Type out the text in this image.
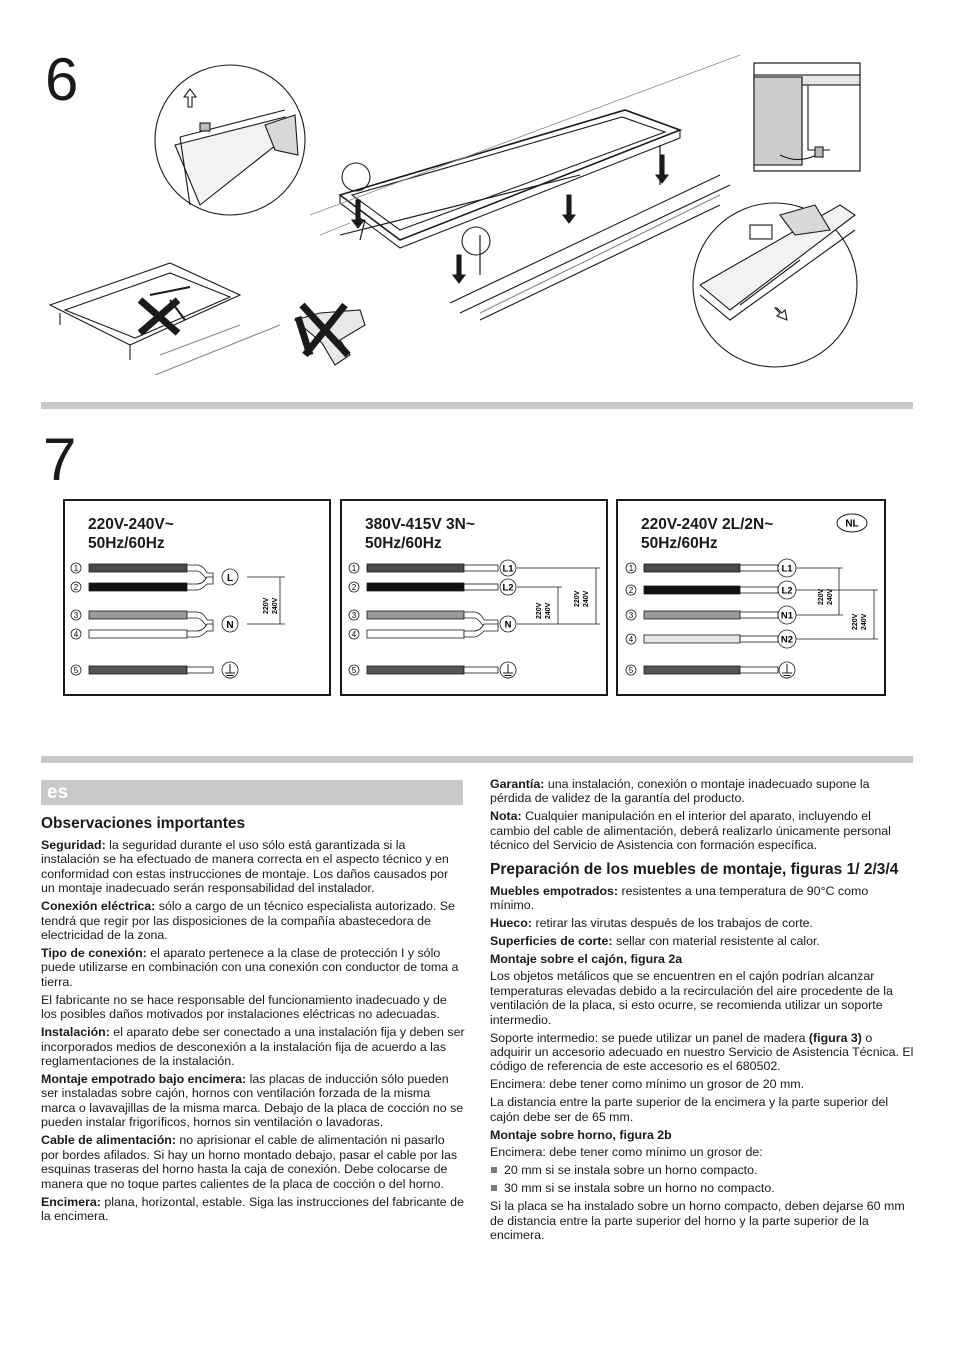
6
7
220V-240V~
50Hz/60Hz
1
2
3
4
5
L
N
220V 240V
380V-415V 3N~
50Hz/60Hz
1
2
3
4
5
L1
L2
N
220V 240V
220V 240V
220V-240V 2L/2N~
50Hz/60Hz
NL
1
2
3
4
5
L1
L2
N1
N2
220V 240V
220V 240V
es
Observaciones importantes

Seguridad: la seguridad durante el uso sólo está garantizada si la instalación se ha efectuado de manera correcta en el aspecto técnico y en conformidad con estas instrucciones de montaje. Los daños causados por un montaje inadecuado serán responsabilidad del instalador.

Conexión eléctrica: sólo a cargo de un técnico especialista autorizado. Se tendrá que regir por las disposiciones de la compañía abastecedora de electricidad de la zona.

Tipo de conexión: el aparato pertenece a la clase de protección I y sólo puede utilizarse en combinación con una conexión con conductor de toma a tierra.

El fabricante no se hace responsable del funcionamiento inadecuado y de los posibles daños motivados por instalaciones eléctricas no adecuadas.

Instalación: el aparato debe ser conectado a una instalación fija y deben ser incorporados medios de desconexión a la instalación fija de acuerdo a las reglamentaciones de la instalación.

Montaje empotrado bajo encimera: las placas de inducción sólo pueden ser instaladas sobre cajón, hornos con ventilación forzada de la misma marca o lavavajillas de la misma marca. Debajo de la placa de cocción no se pueden instalar frigoríficos, hornos sin ventilación o lavadoras.

Cable de alimentación: no aprisionar el cable de alimentación ni pasarlo por bordes afilados. Si hay un horno montado debajo, pasar el cable por las esquinas traseras del horno hasta la caja de conexión. Debe colocarse de manera que no toque partes calientes de la placa de cocción o del horno.

Encimera: plana, horizontal, estable. Siga las instrucciones del fabricante de la encimera.

Garantía: una instalación, conexión o montaje inadecuado supone la pérdida de validez de la garantía del producto.

Nota: Cualquier manipulación en el interior del aparato, incluyendo el cambio del cable de alimentación, deberá realizarlo únicamente personal técnico del Servicio de Asistencia con formación específica.

Preparación de los muebles de montaje, figuras 1/ 2/3/4

Muebles empotrados: resistentes a una temperatura de 90°C como mínimo.

Hueco: retirar las virutas después de los trabajos de corte.

Superficies de corte: sellar con material resistente al calor.

Montaje sobre el cajón, figura 2a

Los objetos metálicos que se encuentren en el cajón podrían alcanzar temperaturas elevadas debido a la recirculación del aire procedente de la ventilación de la placa, si esto ocurre, se recomienda utilizar un soporte intermedio.

Soporte intermedio: se puede utilizar un panel de madera (figura 3) o adquirir un accesorio adecuado en nuestro Servicio de Asistencia Técnica. El código de referencia de este accesorio es el 680502.

Encimera: debe tener como mínimo un grosor de 20 mm.

La distancia entre la parte superior de la encimera y la parte superior del cajón debe ser de 65 mm.

Montaje sobre horno, figura 2b

Encimera: debe tener como mínimo un grosor de:

20 mm si se instala sobre un horno compacto.

30 mm si se instala sobre un horno no compacto.

Si la placa se ha instalado sobre un horno compacto, deben dejarse 60 mm de distancia entre la parte superior del horno y la parte superior de la encimera.
